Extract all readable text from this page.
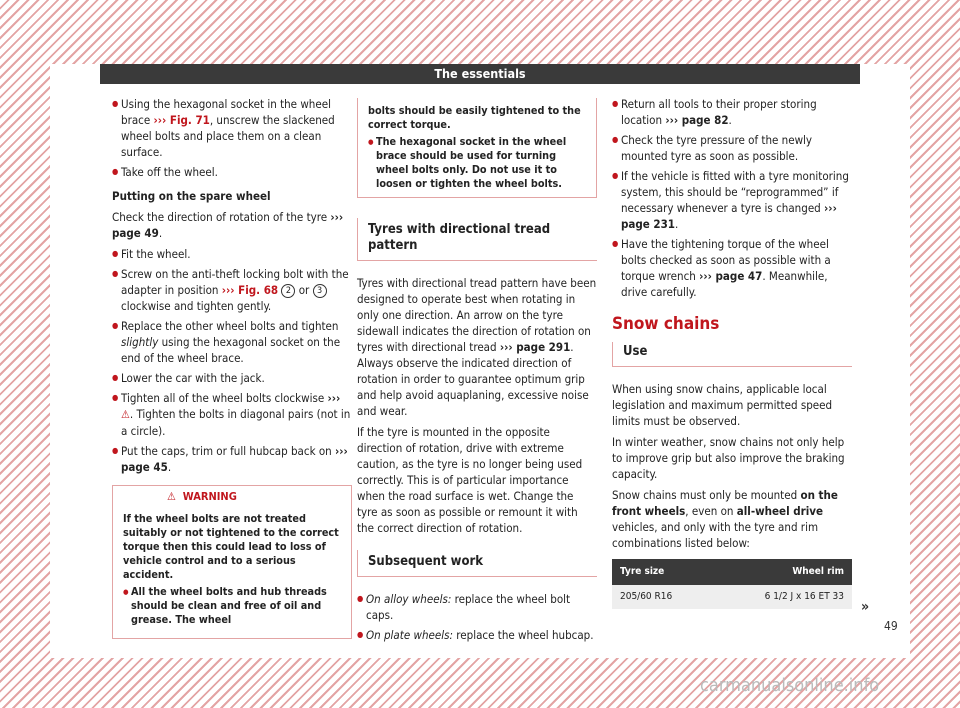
The essentials

● Using the hexagonal socket in the wheel brace ››› Fig. 71, unscrew the slackened wheel bolts and place them on a clean surface.

● Take off the wheel.

Putting on the spare wheel

Check the direction of rotation of the tyre ››› page 49.

● Fit the wheel.

● Screw on the anti-theft locking bolt with the adapter in position ››› Fig. 68 2 or 3 clockwise and tighten gently.

● Replace the other wheel bolts and tighten slightly using the hexagonal socket on the end of the wheel brace.

● Lower the car with the jack.

● Tighten all of the wheel bolts clockwise ››› ⚠. Tighten the bolts in diagonal pairs (not in a circle).

● Put the caps, trim or full hubcap back on ››› page 45.

⚠ WARNING

If the wheel bolts are not treated suitably or not tightened to the correct torque then this could lead to loss of vehicle control and to a serious accident.

● All the wheel bolts and hub threads should be clean and free of oil and grease. The wheel

bolts should be easily tightened to the correct torque.

● The hexagonal socket in the wheel brace should be used for turning wheel bolts only. Do not use it to loosen or tighten the wheel bolts.

Tyres with directional tread pattern

Tyres with directional tread pattern have been designed to operate best when rotating in only one direction. An arrow on the tyre sidewall indicates the direction of rotation on tyres with directional tread ››› page 291. Always observe the indicated direction of rotation in order to guarantee optimum grip and help avoid aquaplaning, excessive noise and wear.

If the tyre is mounted in the opposite direction of rotation, drive with extreme caution, as the tyre is no longer being used correctly. This is of particular importance when the road surface is wet. Change the tyre as soon as possible or remount it with the correct direction of rotation.

Subsequent work

● On alloy wheels: replace the wheel bolt caps.

● On plate wheels: replace the wheel hubcap.

● Return all tools to their proper storing location ››› page 82.

● Check the tyre pressure of the newly mounted tyre as soon as possible.

● If the vehicle is fitted with a tyre monitoring system, this should be “reprogrammed” if necessary whenever a tyre is changed ››› page 231.

● Have the tightening torque of the wheel bolts checked as soon as possible with a torque wrench ››› page 47. Meanwhile, drive carefully.

Snow chains
Use

When using snow chains, applicable local legislation and maximum permitted speed limits must be observed.

In winter weather, snow chains not only help to improve grip but also improve the braking capacity.

Snow chains must only be mounted on the front wheels, even on all-wheel drive vehicles, and only with the tyre and rim combinations listed below:

Tyre size	Wheel rim
205/60 R16	6 1/2 J x 16 ET 33
»
49
carmanualsonline.info
